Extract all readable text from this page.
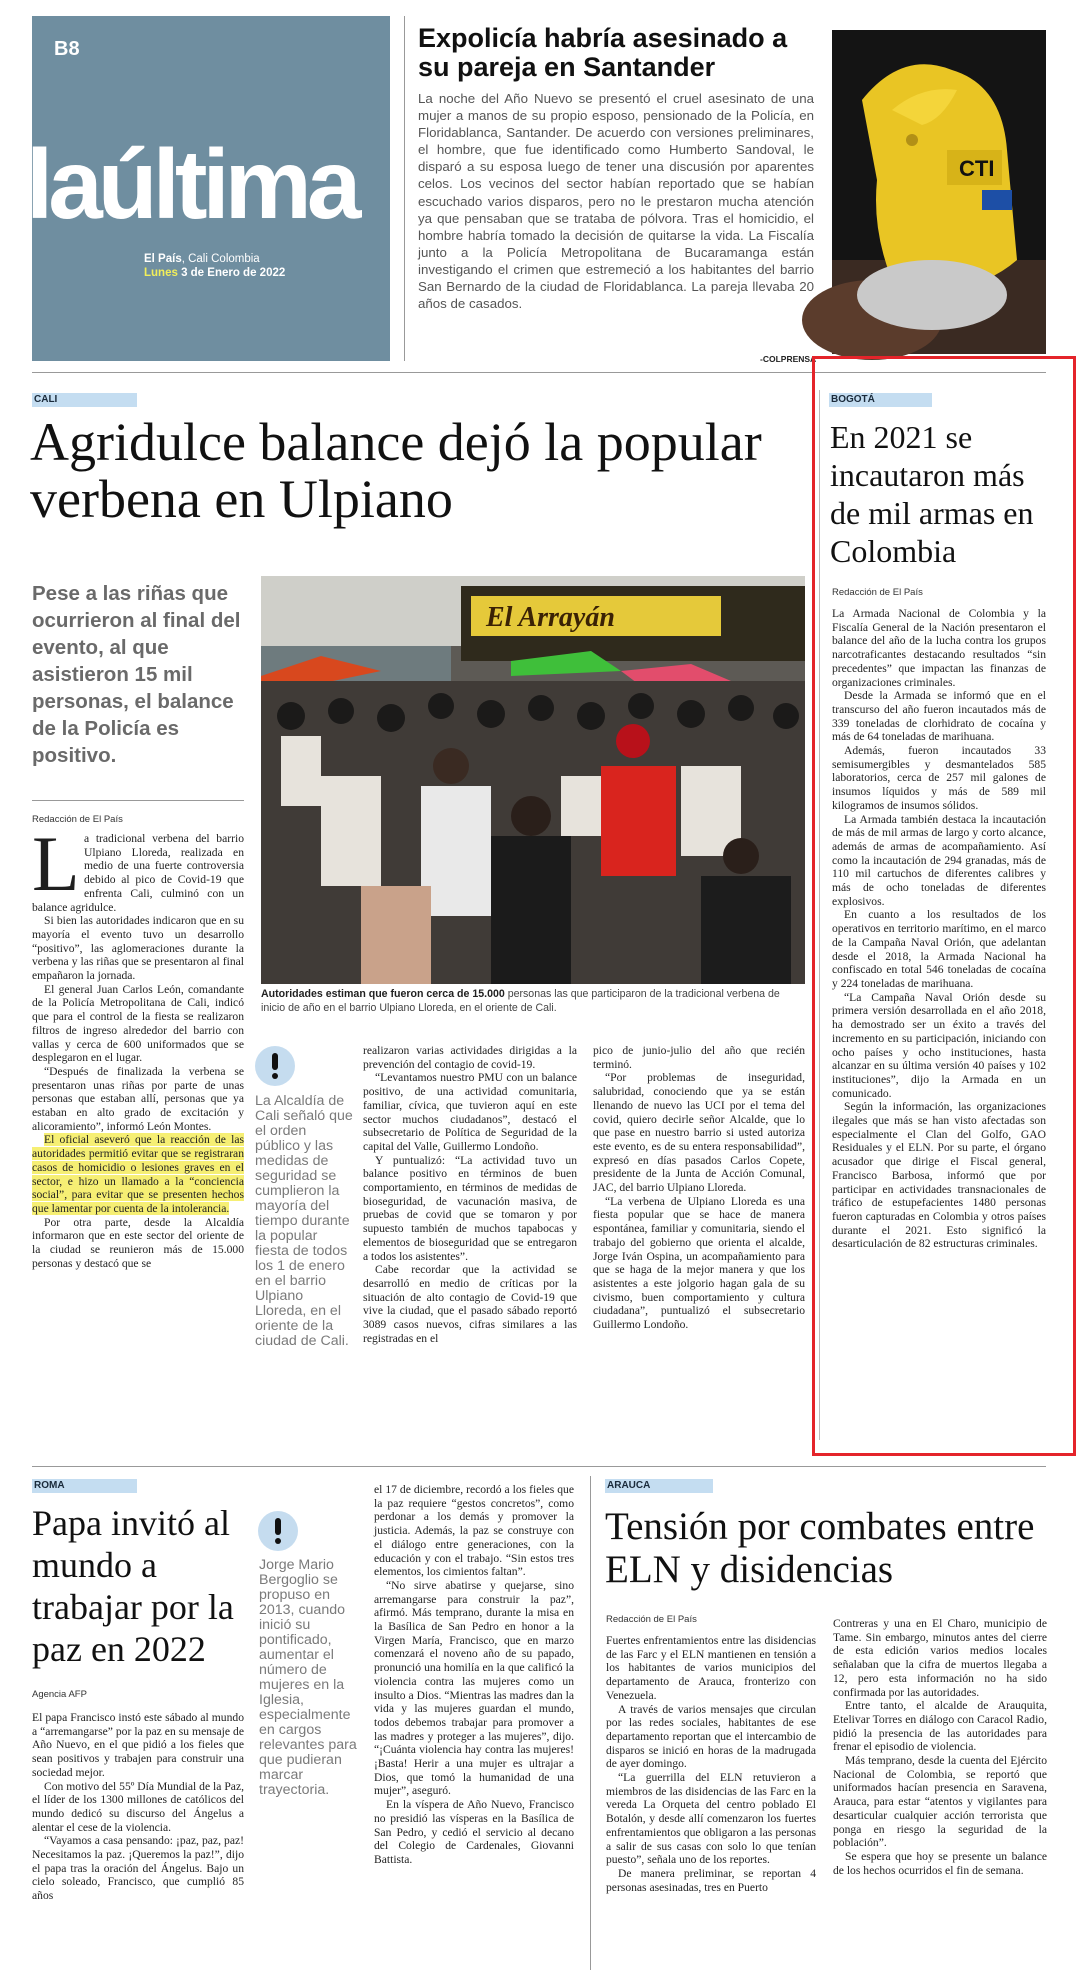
B8
laúltima
El País, Cali Colombia
Lunes 3 de Enero de 2022
Expolicía habría asesinado a su pareja en Santander
La noche del Año Nuevo se presentó el cruel asesinato de una mujer a manos de su propio esposo, pensionado de la Policía, en Floridablanca, Santander. De acuerdo con versiones preliminares, el hombre, que fue identificado como Humberto Sandoval, le disparó a su esposa luego de tener una discusión por aparentes celos. Los vecinos del sector habían reportado que se habían escuchado varios disparos, pero no le prestaron mucha atención ya que pensaban que se trataba de pólvora. Tras el homicidio, el hombre habría tomado la decisión de quitarse la vida. La Fiscalía junto a la Policía Metropolitana de Bucaramanga están investigando el crimen que estremeció a los habitantes del barrio San Bernardo de la ciudad de Floridablanca. La pareja llevaba 20 años de casados.
-COLPRENSA
CTI
CALI
Agridulce balance dejó la popular verbena en Ulpiano
Pese a las riñas que ocurrieron al final del evento, al que asistieron 15 mil personas, el balance de la Policía es positivo.
Redacción de El País
L a tradicional verbena del barrio Ulpiano Lloreda, realizada en medio de una fuerte controversia debido al pico de Covid-19 que enfrenta Cali, culminó con un balance agridulce.

Si bien las autoridades indicaron que en su mayoría el evento tuvo un desarrollo “positivo”, las aglomeraciones durante la verbena y las riñas que se presentaron al final empañaron la jornada.

El general Juan Carlos León, comandante de la Policía Metropolitana de Cali, indicó que para el control de la fiesta se realizaron filtros de ingreso alrededor del barrio con vallas y cerca de 600 uniformados que se desplegaron en el lugar.

“Después de finalizada la verbena se presentaron unas riñas por parte de unas personas que estaban allí, personas que ya estaban en alto grado de excitación y alicoramiento”, informó León Montes.

El oficial aseveró que la reacción de las autoridades permitió evitar que se registraran casos de homicidio o lesiones graves en el sector, e hizo un llamado a la “conciencia social”, para evitar que se presenten hechos que lamentar por cuenta de la intolerancia.

Por otra parte, desde la Alcaldía informaron que en este sector del oriente de la ciudad se reunieron más de 15.000 personas y destacó que se

El Arrayán
FOTO ESPECIAL PARA EL PAÍS
Autoridades estiman que fueron cerca de 15.000 personas las que participaron de la tradicional verbena de inicio de año en el barrio Ulpiano Lloreda, en el oriente de Cali.
La Alcaldía de Cali señaló que el orden público y las medidas de seguridad se cumplieron la mayoría del tiempo durante la popular fiesta de todos los 1 de enero en el barrio Ulpiano Lloreda, en el oriente de la ciudad de Cali.

realizaron varias actividades dirigidas a la prevención del contagio de covid-19.

“Levantamos nuestro PMU con un balance positivo, de una actividad comunitaria, familiar, cívica, que tuvieron aquí en este sector muchos ciudadanos”, destacó el subsecretario de Política de Seguridad de la capital del Valle, Guillermo Londoño.

Y puntualizó: “La actividad tuvo un balance positivo en términos de buen comportamiento, en términos de medidas de bioseguridad, de vacunación masiva, de pruebas de covid que se tomaron y por supuesto también de muchos tapabocas y elementos de bioseguridad que se entregaron a todos los asistentes”.

Cabe recordar que la actividad se desarrolló en medio de críticas por la situación de alto contagio de Covid-19 que vive la ciudad, que el pasado sábado reportó 3089 casos nuevos, cifras similares a las registradas en el

pico de junio-julio del año que recién terminó.

“Por problemas de inseguridad, salubridad, conociendo que ya se están llenando de nuevo las UCI por el tema del covid, quiero decirle señor Alcalde, que lo que pase en nuestro barrio si usted autoriza este evento, es de su entera responsabilidad”, expresó en días pasados Carlos Copete, presidente de la Junta de Acción Comunal, JAC, del barrio Ulpiano Lloreda.

“La verbena de Ulpiano Lloreda es una fiesta popular que se hace de manera espontánea, familiar y comunitaria, siendo el trabajo del gobierno que orienta el alcalde, Jorge Iván Ospina, un acompañamiento para que se haga de la mejor manera y que los asistentes a este jolgorio hagan gala de su civismo, buen comportamiento y cultura ciudadana”, puntualizó el subsecretario Guillermo Londoño.

BOGOTÁ
En 2021 se incautaron más de mil armas en Colombia
Redacción de El País

La Armada Nacional de Colombia y la Fiscalía General de la Nación presentaron el balance del año de la lucha contra los grupos narcotraficantes destacando resultados “sin precedentes” que impactan las finanzas de organizaciones criminales.

Desde la Armada se informó que en el transcurso del año fueron incautados más de 339 toneladas de clorhidrato de cocaína y más de 64 toneladas de marihuana.

Además, fueron incautados 33 semisumergibles y desmantelados 585 laboratorios, cerca de 257 mil galones de insumos líquidos y más de 589 mil kilogramos de insumos sólidos.

La Armada también destaca la incautación de más de mil armas de largo y corto alcance, además de armas de acompañamiento. Así como la incautación de 294 granadas, más de 110 mil cartuchos de diferentes calibres y más de ocho toneladas de diferentes explosivos.

En cuanto a los resultados de los operativos en territorio marítimo, en el marco de la Campaña Naval Orión, que adelantan desde el 2018, la Armada Nacional ha confiscado en total 546 toneladas de cocaína y 224 toneladas de marihuana.

“La Campaña Naval Orión desde su primera versión desarrollada en el año 2018, ha demostrado ser un éxito a través del incremento en su participación, iniciando con ocho países y ocho instituciones, hasta alcanzar en su última versión 40 países y 102 instituciones”, dijo la Armada en un comunicado.

Según la información, las organizaciones ilegales que más se han visto afectadas son especialmente el Clan del Golfo, GAO Residuales y el ELN. Por su parte, el órgano acusador que dirige el Fiscal general, Francisco Barbosa, informó que por participar en actividades transnacionales de tráfico de estupefacientes 1480 personas fueron capturadas en Colombia y otros países durante el 2021. Esto significó la desarticulación de 82 estructuras criminales.

ROMA
Papa invitó al mundo a trabajar por la paz en 2022
Agencia AFP

El papa Francisco instó este sábado al mundo a “arremangarse” por la paz en su mensaje de Año Nuevo, en el que pidió a los fieles que sean positivos y trabajen para construir una sociedad mejor.

Con motivo del 55º Día Mundial de la Paz, el líder de los 1300 millones de católicos del mundo dedicó su discurso del Ángelus a alentar el cese de la violencia.

“Vayamos a casa pensando: ¡paz, paz, paz! Necesitamos la paz. ¡Queremos la paz!”, dijo el papa tras la oración del Ángelus. Bajo un cielo soleado, Francisco, que cumplió 85 años

Jorge Mario Bergoglio se propuso en 2013, cuando inició su pontificado, aumentar el número de mujeres en la Iglesia, especialmente en cargos relevantes para que pudieran marcar trayectoria.

el 17 de diciembre, recordó a los fieles que la paz requiere “gestos concretos”, como perdonar a los demás y promover la justicia. Además, la paz se construye con el diálogo entre generaciones, con la educación y con el trabajo. “Sin estos tres elementos, los cimientos faltan”.

“No sirve abatirse y quejarse, sino arremangarse para construir la paz”, afirmó. Más temprano, durante la misa en la Basílica de San Pedro en honor a la Virgen María, Francisco, que en marzo comenzará el noveno año de su papado, pronunció una homilía en la que calificó la violencia contra las mujeres como un insulto a Dios. “Mientras las madres dan la vida y las mujeres guardan el mundo, todos debemos trabajar para promover a las madres y proteger a las mujeres”, dijo. “¡Cuánta violencia hay contra las mujeres! ¡Basta! Herir a una mujer es ultrajar a Dios, que tomó la humanidad de una mujer”, aseguró.

En la víspera de Año Nuevo, Francisco no presidió las vísperas en la Basílica de San Pedro, y cedió el servicio al decano del Colegio de Cardenales, Giovanni Battista.

ARAUCA
Tensión por combates entre ELN y disidencias
Redacción de El País

Fuertes enfrentamientos entre las disidencias de las Farc y el ELN mantienen en tensión a los habitantes de varios municipios del departamento de Arauca, fronterizo con Venezuela.

A través de varios mensajes que circulan por las redes sociales, habitantes de ese departamento reportan que el intercambio de disparos se inició en horas de la madrugada de ayer domingo.

“La guerrilla del ELN retuvieron a miembros de las disidencias de las Farc en la vereda La Orqueta del centro poblado El Botalón, y desde allí comenzaron los fuertes enfrentamientos que obligaron a las personas a salir de sus casas con solo lo que tenían puesto”, señala uno de los reportes.

De manera preliminar, se reportan 4 personas asesinadas, tres en Puerto

Contreras y una en El Charo, municipio de Tame. Sin embargo, minutos antes del cierre de esta edición varios medios locales señalaban que la cifra de muertos llegaba a 12, pero esta información no ha sido confirmada por las autoridades.

Entre tanto, el alcalde de Arauquita, Etelivar Torres en diálogo con Caracol Radio, pidió la presencia de las autoridades para frenar el episodio de violencia.

Más temprano, desde la cuenta del Ejército Nacional de Colombia, se reportó que uniformados hacían presencia en Saravena, Arauca, para estar “atentos y vigilantes para desarticular cualquier acción terrorista que ponga en riesgo la seguridad de la población”.

Se espera que hoy se presente un balance de los hechos ocurridos el fin de semana.
